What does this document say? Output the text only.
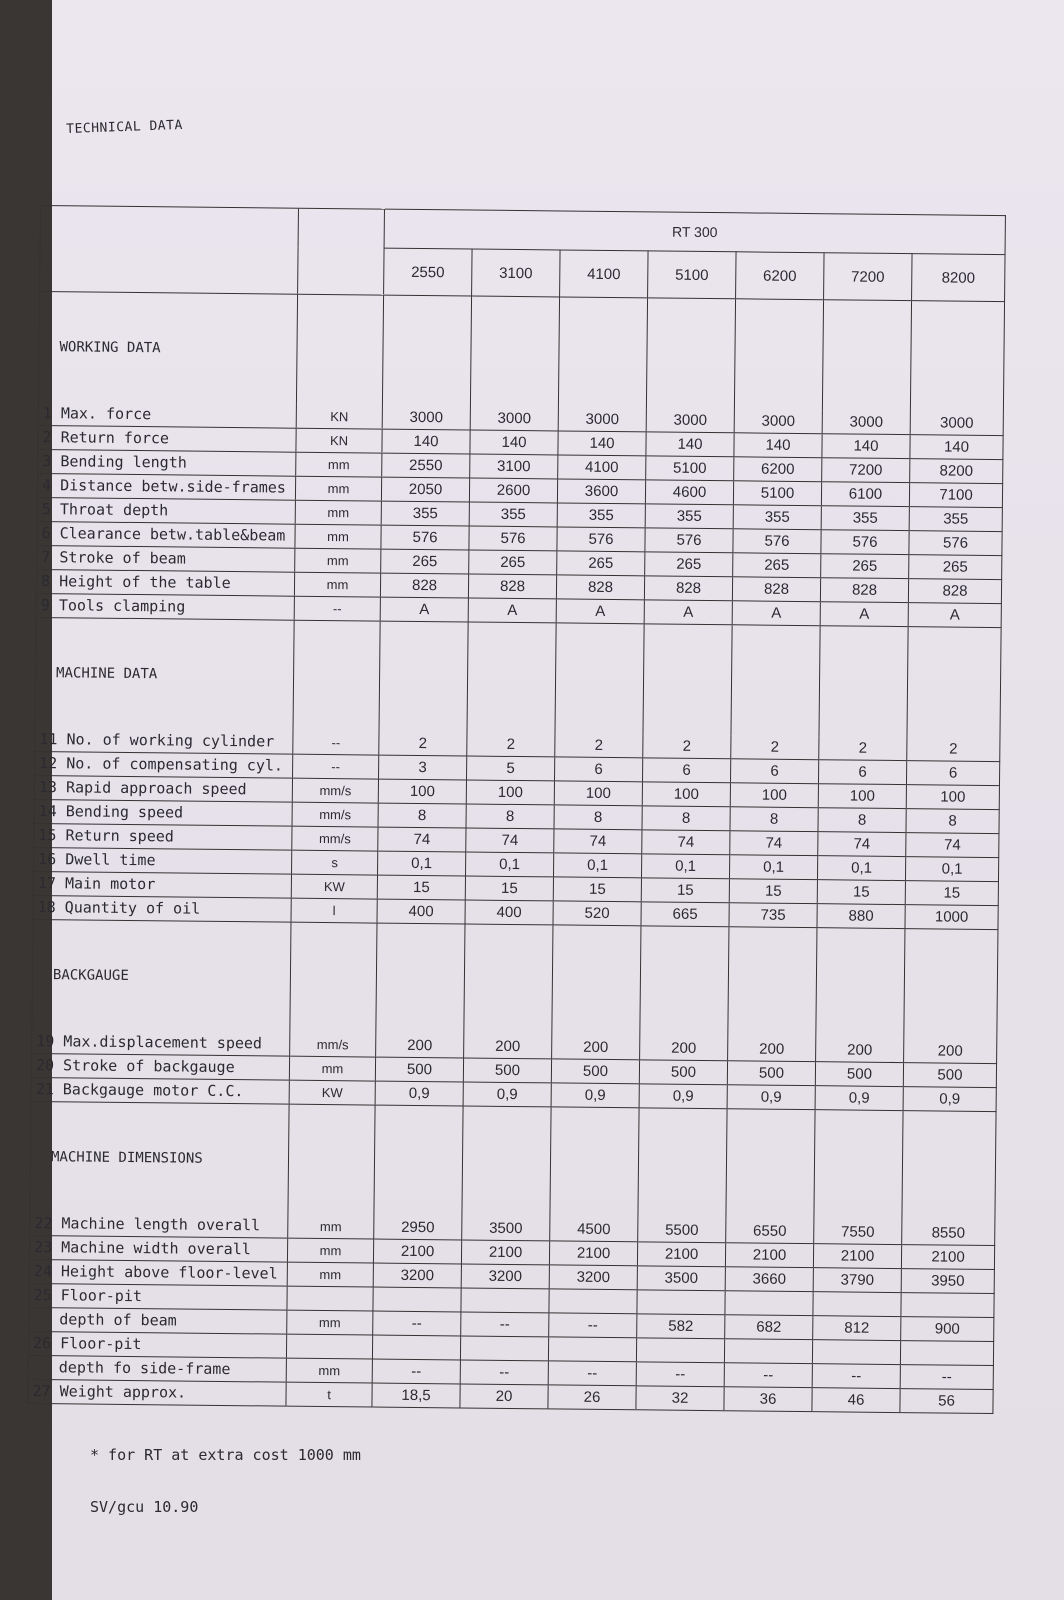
TECHNICAL DATA
		RT 300						
		2550	3100	4100	5100	6200	7200	8200
WORKING DATA								
1 Max. force	KN	3000	3000	3000	3000	3000	3000	3000
2 Return force	KN	140	140	140	140	140	140	140
3 Bending length	mm	2550	3100	4100	5100	6200	7200	8200
4 Distance betw.side-frames	mm	2050	2600	3600	4600	5100	6100	7100
5 Throat depth	mm	355	355	355	355	355	355	355
6 Clearance betw.table&beam	mm	576	576	576	576	576	576	576
7 Stroke of beam	mm	265	265	265	265	265	265	265
8 Height of the table	mm	828	828	828	828	828	828	828
9 Tools clamping	--	A	A	A	A	A	A	A
MACHINE DATA								
11 No. of working cylinder	--	2	2	2	2	2	2	2
12 No. of compensating cyl.	--	3	5	6	6	6	6	6
13 Rapid approach speed	mm/s	100	100	100	100	100	100	100
14 Bending speed	mm/s	8	8	8	8	8	8	8
15 Return speed	mm/s	74	74	74	74	74	74	74
16 Dwell time	s	0,1	0,1	0,1	0,1	0,1	0,1	0,1
17 Main motor	KW	15	15	15	15	15	15	15
18 Quantity of oil	l	400	400	520	665	735	880	1000
BACKGAUGE								
19 Max.displacement speed	mm/s	200	200	200	200	200	200	200
20 Stroke of backgauge	mm	500	500	500	500	500	500	500
21 Backgauge motor C.C.	KW	0,9	0,9	0,9	0,9	0,9	0,9	0,9
MACHINE DIMENSIONS								
22 Machine length overall	mm	2950	3500	4500	5500	6550	7550	8550
23 Machine width overall	mm	2100	2100	2100	2100	2100	2100	2100
24 Height above floor-level	mm	3200	3200	3200	3500	3660	3790	3950
25 Floor-pit								
depth of beam	mm	--	--	--	582	682	812	900
26 Floor-pit								
depth fo side-frame	mm	--	--	--	--	--	--	--
27 Weight approx.	t	18,5	20	26	32	36	46	56
* for RT at extra cost 1000 mm
SV/gcu 10.90
